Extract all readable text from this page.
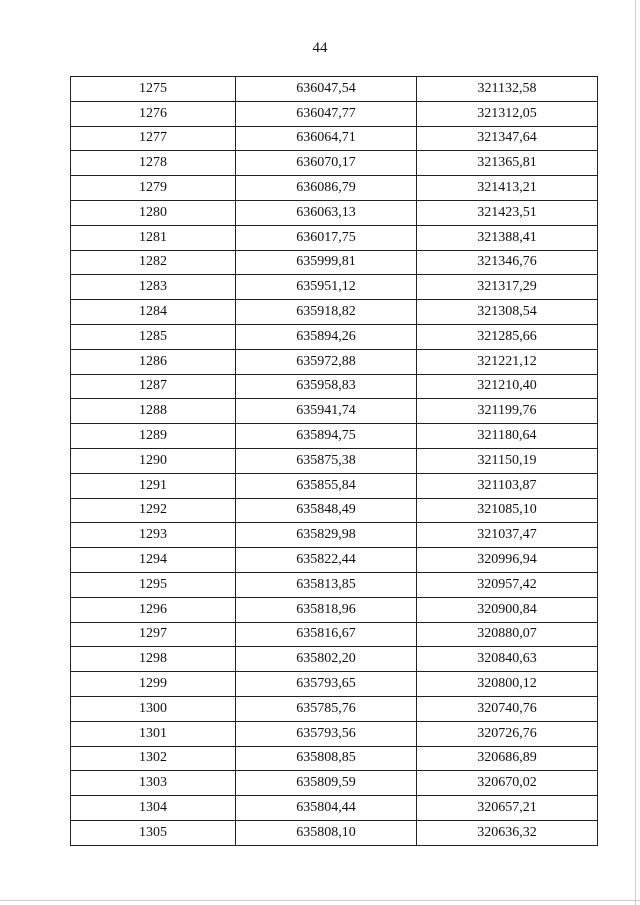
44
1275	636047,54	321132,58
1276	636047,77	321312,05
1277	636064,71	321347,64
1278	636070,17	321365,81
1279	636086,79	321413,21
1280	636063,13	321423,51
1281	636017,75	321388,41
1282	635999,81	321346,76
1283	635951,12	321317,29
1284	635918,82	321308,54
1285	635894,26	321285,66
1286	635972,88	321221,12
1287	635958,83	321210,40
1288	635941,74	321199,76
1289	635894,75	321180,64
1290	635875,38	321150,19
1291	635855,84	321103,87
1292	635848,49	321085,10
1293	635829,98	321037,47
1294	635822,44	320996,94
1295	635813,85	320957,42
1296	635818,96	320900,84
1297	635816,67	320880,07
1298	635802,20	320840,63
1299	635793,65	320800,12
1300	635785,76	320740,76
1301	635793,56	320726,76
1302	635808,85	320686,89
1303	635809,59	320670,02
1304	635804,44	320657,21
1305	635808,10	320636,32
